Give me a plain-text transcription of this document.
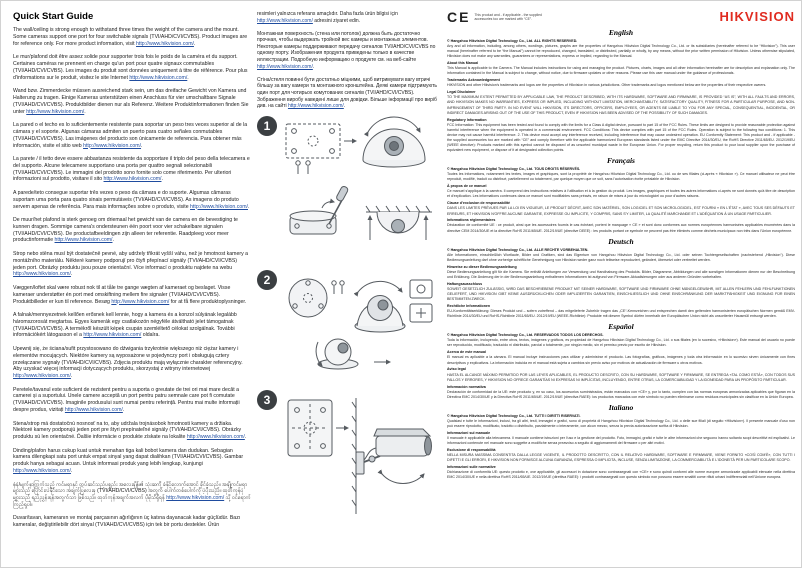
Quick Start Guide

The wall/ceiling is strong enough to withstand three times the weight of the camera and the mount. Some cameras support one port for four switchable signals (TVI/AHD/CVI/CVBS). Product images are for reference only. For more product information, visit http://www.hikvision.com/.

Le mur/plafond doit être assez solide pour supporter trois fois le poids de la caméra et du support. Certaines caméras ne prennent en charge qu'un port pour quatre signaux commutables (TVI/AHD/CVI/CVBS). Les images du produit sont données uniquement à titre de référence. Pour plus d'informations sur le produit, visitez le site Internet http://www.hikvision.com/.

Wand bzw. Zimmerdecke müssen ausreichend stark sein, um das dreifache Gewicht von Kamera und Halterung zu tragen. Einige Kameras unterstützen einen Anschluss für vier umschaltbare Signale (TVI/AHD/CVI/CVBS). Produktbilder dienen nur als Referenz. Weitere Produktinformationen finden Sie unter http://www.hikvision.com/.

La pared o el techo es lo suficientemente resistente para soportar un peso tres veces superior al de la cámara y el soporte. Algunas cámaras admiten un puerto para cuatro señales conmutables (TVI/AHD/CVI/CVBS). Las imágenes del producto son únicamente de referencia. Para obtener más información, visite el sitio web http://www.hikvision.com/.

La parete / il tetto deve essere abbastanza resistente da sopportare il triplo del peso della telecamera e del supporto. Alcune telecamere supportano una porta per quattro segnali selezionabili (TVI/AHD/CVI/CVBS). Le immagini del prodotto sono fornite solo come riferimento. Per ulteriori informazioni sul prodotto, visitare il sito http://www.hikvision.com/.

A parede/teto consegue suportar três vezes o peso da câmara e do suporte. Algumas câmaras suportam uma porta para quatro sinais permutáveis (TVI/AHD/CVI/CVBS). As imagens do produto servem apenas de referência. Para mais informações sobre o produto, visite http://www.hikvision.com/.

De muur/het plafond is sterk genoeg om driemaal het gewicht van de camera en de bevestiging te kunnen dragen. Sommige camera's ondersteunen één poort voor vier schakelbare signalen (TVI/AHD/CVI/CVBS). De productafbeeldingen zijn alleen ter referentie. Raadpleeg voor meer productinformatie http://www.hikvision.com/.

Strop nebo stěna musí být dostatečně pevné, aby udržely třikrát vyšší váhu, než je hmotnost kamery a montážního materiálu. Některé kamery podporují pro čtyři přepínací signály (TVI/AHD/CVI/CVBS) jeden port. Obrázky produktu jsou pouze orientační. Více informací o produktu najdete na webu http://www.hikvision.com/.

Væggen/loftet skal være robust nok til at tåle tre gange vægten af kameraet og beslaget. Visse kameraer understøtter én port med omskiftning mellem fire signaler (TVI/AHD/CVI/CVBS). Produktbilleder er kun til reference. Besøg http://www.hikvision.com/ for at få flere produktoplysninger.

A falnak/mennyezetnek kellően erősnek kell lennie, hogy a kamera és a konzol súlyának legalább háromszorosát megtartsa. Egyes kamerák egy csatlakozón négyféle átváltható jelet támogatnak (TVI/AHD/CVI/CVBS). A termékről készült képek csupán szemléltető célokat szolgálnak. További információkért látogasson el a http://www.hikvision.com/ oldalra.

Upewnij się, że ściana/sufit przystosowano do dźwigania trzykrotnie większego niż ciężar kamery i elementów mocujących. Niektóre kamery są wyposażone w pojedynczy port i obsługują cztery przełączane sygnały (TVI/AHD/CVI/CVBS). Zdjęcia produktu mają wyłącznie charakter referencyjny. Aby uzyskać więcej informacji dotyczących produktu, skorzystaj z witryny internetowej http://www.hikvision.com/.

Peretele/tavanul este suficient de rezistent pentru a suporta o greutate de trei ori mai mare decât a camerei și a suportului. Unele camere acceptă un port pentru patru semnale care pot fi comutate (TVI/AHD/CVI/CVBS). Imaginile produsului sunt numai pentru referință. Pentru mai multe informații despre produs, vizitați http://www.hikvision.com/.

Stena/strop má dostatočnú nosnosť na to, aby udržala trojnásobok hmotnosti kamery a držiaka. Niektoré kamery podporujú jeden port pre štyri prepínateľné signály (TVI/AHD/CVI/CVBS). Obrázky produktu sú len orientačné. Ďalšie informácie o produkte získate na lokalite http://www.hikvision.com/.

Dinding/plafon harus cukup kuat untuk menahan tiga kali bobot kamera dan dudukan. Sebagian kamera dilengkapi satu port untuk empat sinyal yang dapat dialihkan (TVI/AHD/CVI/CVBS). Gambar produk hanya sebagai acuan. Untuk informasi produk yang lebih lengkap, kunjungi http://www.hikvision.com/.

နံရံ/မျက်နှာကြက်သည် ကင်မရာနှင့် တပ်ဆင်သည့်ပစ္စည်း အလေးချိန်၏ သုံးဆကို ခံနိုင်လောက်အောင် ခိုင်ခံ့သည်။ အချို့ကင်မရာများသည် ပြောင်းလဲနိုင်သော အချက်ပြလေးခု (TVI/AHD/CVI/CVBS) အတွက် ပေါက်တစ်ပေါက်ကို ပံ့ပိုးသည်။ ထုတ်ကုန်ပုံများသည် ရည်ညွှန်းရန်အတွက်သာ ဖြစ်သည်။ ထုတ်ကုန်အချက်အလက် ပိုမိုသိရှိရန် http://www.hikvision.com/ သို့ ဝင်ရောက်ကြည့်ရှုပါ။

Duvar/tavan, kameranın ve montaj parçasının ağırlığının üç katına dayanacak kadar güçlüdür. Bazı kameralar, değiştirilebilir dört sinyal (TVI/AHD/CVI/CVBS) için tek bir portu destekler. Ürün

resimleri yalnızca referans amaçlıdır. Daha fazla ürün bilgisi için http://www.hikvision.com/ adresini ziyaret edin.

Монтажная поверхность (стена или потолок) должна быть достаточно прочная, чтобы выдержать тройной вес камеры и монтажных элементов. Некоторые камеры поддерживают передачу сигналов TVI/AHD/CVI/CVBS по одному порту. Изображения продукта приведены только в качестве иллюстрации. Подробную информацию о продукте см. на веб-сайте http://www.hikvision.com/.

Стіна/стеля повинні бути достатньо міцними, щоб витримувати вагу втричі більшу за вагу камери та монтажного кронштейна. Деякі камери підтримують один порт для чотирьох комутованих сигналів (TVI/AHD/CVI/CVBS). Зображення виробу наведені лише для довідки. Більше інформації про виріб див. на сайті http://www.hikvision.com/.

1
2
3
CE This product and - if applicable - the supplied accessories too are marked with “CE”.	HIKVISION
English

© Hangzhou Hikvision Digital Technology Co., Ltd. ALL RIGHTS RESERVED.
Any and all information, including, among others, wordings, pictures, graphs are the properties of Hangzhou Hikvision Digital Technology Co., Ltd. or its subsidiaries (hereinafter referred to be “Hikvision”). This user manual (hereinafter referred to be “the Manual”) cannot be reproduced, changed, translated, or distributed, partially or wholly, by any means, without the prior written permission of Hikvision. Unless otherwise stipulated, Hikvision does not make any warranties, guarantees or representations, express or implied, regarding to the Manual.

About this Manual
This Manual is applicable to the Camera. The Manual includes instructions for using and managing the product. Pictures, charts, images and all other information hereinafter are for description and explanation only. The information contained in the Manual is subject to change, without notice, due to firmware updates or other reasons. Please use this user manual under the guidance of professionals.

Trademarks Acknowledgement
HIKVISION and other Hikvision's trademarks and logos are the properties of Hikvision in various jurisdictions. Other trademarks and logos mentioned below are the properties of their respective owners.

Legal Disclaimer
TO THE MAXIMUM EXTENT PERMITTED BY APPLICABLE LAW, THE PRODUCT DESCRIBED, WITH ITS HARDWARE, SOFTWARE AND FIRMWARE, IS PROVIDED “AS IS”, WITH ALL FAULTS AND ERRORS, AND HIKVISION MAKES NO WARRANTIES, EXPRESS OR IMPLIED, INCLUDING WITHOUT LIMITATION, MERCHANTABILITY, SATISFACTORY QUALITY, FITNESS FOR A PARTICULAR PURPOSE, AND NON-INFRINGEMENT OF THIRD PARTY. IN NO EVENT WILL HIKVISION, ITS DIRECTORS, OFFICERS, EMPLOYEES, OR AGENTS BE LIABLE TO YOU FOR ANY SPECIAL, CONSEQUENTIAL, INCIDENTAL, OR INDIRECT DAMAGES ARISING OUT OF THE USE OF THIS PRODUCT, EVEN IF HIKVISION HAS BEEN ADVISED OF THE POSSIBILITY OF SUCH DAMAGES.

Regulatory Information
FCC Information: This equipment has been tested and found to comply with the limits for a Class A digital device, pursuant to part 15 of the FCC Rules. These limits are designed to provide reasonable protection against harmful interference when the equipment is operated in a commercial environment. FCC Conditions: This device complies with part 15 of the FCC Rules. Operation is subject to the following two conditions: 1. This device may not cause harmful interference. 2. This device must accept any interference received, including interference that may cause undesired operation. EU Conformity Statement: This product and - if applicable - the supplied accessories too are marked with “CE” and comply therefore with the applicable harmonized European standards listed under the EMC Directive 2014/30/EU, the RoHS Directive 2011/65/EU. 2012/19/EU (WEEE directive): Products marked with this symbol cannot be disposed of as unsorted municipal waste in the European Union. For proper recycling, return this product to your local supplier upon the purchase of equivalent new equipment, or dispose of it at designated collection points.

Français

© Hangzhou Hikvision Digital Technology Co., Ltd. TOUS DROITS RÉSERVÉS.
Toutes les informations, notamment les textes, images et graphiques, sont la propriété de Hangzhou Hikvision Digital Technology Co., Ltd. ou de ses filiales (ci-après « Hikvision »). Ce manuel utilisateur ne peut être reproduit, modifié, traduit ou distribué, partiellement ou totalement, par quelque moyen que ce soit, sans l'autorisation écrite préalable de Hikvision.

À propos de ce manuel
Ce manuel s'applique à la caméra. Il comprend des instructions relatives à l'utilisation et à la gestion du produit. Les images, graphiques et toutes les autres informations ci-après ne sont donnés qu'à titre de description et d'explication. Les informations contenues dans ce manuel sont modifiables sans préavis, en raison de mises à jour du micrologiciel ou pour d'autres raisons.

Clause d'exclusion de responsabilité
DANS LES LIMITES PRÉVUES PAR LA LOI EN VIGUEUR, LE PRODUIT DÉCRIT, AVEC SON MATÉRIEL, SON LOGICIEL ET SON MICROLOGICIEL, EST FOURNI « EN L'ÉTAT », AVEC TOUS SES DÉFAUTS ET ERREURS, ET HIKVISION N'OFFRE AUCUNE GARANTIE, EXPRESSE OU IMPLICITE, Y COMPRIS, SANS S'Y LIMITER, LA QUALITÉ MARCHANDE ET L'ADÉQUATION À UN USAGE PARTICULIER.

Informations réglementaires
Déclaration de conformité UE : ce produit, ainsi que les accessoires fournis le cas échéant, portent le marquage « CE » et sont donc conformes aux normes européennes harmonisées applicables énumérées dans la directive CEM 2014/30/UE et la directive RoHS 2011/65/UE. 2012/19/UE (directive DEEE) : les produits portant ce symbole ne peuvent pas être éliminés comme déchets municipaux non triés dans l'Union européenne.

Deutsch

© Hangzhou Hikvision Digital Technology Co., Ltd. ALLE RECHTE VORBEHALTEN.
Alle Informationen, einschließlich Wortlaute, Bilder und Grafiken, sind das Eigentum von Hangzhou Hikvision Digital Technology Co., Ltd. oder seinen Tochtergesellschaften (nachstehend „Hikvision“). Diese Bedienungsanleitung darf ohne vorherige schriftliche Genehmigung von Hikvision weder ganz noch teilweise reproduziert, geändert, übersetzt oder verbreitet werden.

Hinweise zu dieser Bedienungsanleitung
Diese Bedienungsanleitung gilt für die Kamera. Sie enthält Anleitungen zur Verwendung und Handhabung des Produkts. Bilder, Diagramme, Abbildungen und alle sonstigen Informationen dienen nur der Beschreibung und Erklärung. Die Änderung der in der Bedienungsanleitung enthaltenen Informationen ist aufgrund von Firmware-Aktualisierungen oder aus anderen Gründen vorbehalten.

Haftungsausschluss
SOWEIT GESETZLICH ZULÄSSIG, WIRD DAS BESCHRIEBENE PRODUKT MIT SEINER HARDWARE, SOFTWARE UND FIRMWARE OHNE MÄNGELGEWÄHR, MIT ALLEN FEHLERN UND FEHLFUNKTIONEN GELIEFERT, UND HIKVISION GIBT KEINE AUSDRÜCKLICHEN ODER IMPLIZIERTEN GARANTIEN, EINSCHLIESSLICH UND OHNE EINSCHRÄNKUNG DER MARKTFÄHIGKEIT UND EIGNUNG FÜR EINEN BESTIMMTEN ZWECK.

Rechtliche Informationen
EU-Konformitätserklärung: Dieses Produkt und – sofern zutreffend – das mitgelieferte Zubehör tragen das „CE“-Kennzeichen und entsprechen damit den geltenden harmonisierten europäischen Normen gemäß EMV-Richtlinie 2014/30/EU und RoHS-Richtlinie 2011/65/EU. 2012/19/EU (WEEE-Richtlinie): Produkte mit diesem Symbol dürfen innerhalb der Europäischen Union nicht als unsortierter Hausmüll entsorgt werden.

Español

© Hangzhou Hikvision Digital Technology Co., Ltd. RESERVADOS TODOS LOS DERECHOS.
Toda la información, incluyendo, entre otros, textos, imágenes y gráficos, es propiedad de Hangzhou Hikvision Digital Technology Co., Ltd. o sus filiales (en lo sucesivo, «Hikvision»). Este manual del usuario no puede ser reproducido, modificado, traducido ni distribuido, parcial o totalmente, por ningún medio, sin el permiso previo por escrito de Hikvision.

Acerca de este manual
El manual es aplicable a la cámara. El manual incluye instrucciones para utilizar y administrar el producto. Las fotografías, gráficos, imágenes y toda otra información en lo sucesivo sirven únicamente con fines descriptivos y explicativos. La información incluida en el manual está sujeta a cambios sin previo aviso por motivos de actualización de firmware u otros motivos.

Aviso legal
HASTA EL ALCANCE MÁXIMO PERMITIDO POR LAS LEYES APLICABLES, EL PRODUCTO DESCRITO, CON SU HARDWARE, SOFTWARE Y FIRMWARE, SE ENTREGA «TAL COMO ESTÁ», CON TODOS SUS FALLOS Y ERRORES, Y HIKVISION NO OFRECE GARANTÍAS NI EXPRESAS NI IMPLÍCITAS, INCLUYENDO, ENTRE OTRAS, LA COMERCIABILIDAD Y LA IDONEIDAD PARA UN PROPÓSITO PARTICULAR.

Información normativa
Declaración de conformidad de la UE: este producto y, en su caso, los accesorios suministrados, están marcados con «CE» y, por lo tanto, cumplen con las normas europeas armonizadas aplicables que figuran en la Directiva EMC 2014/30/UE y la Directiva RoHS 2011/65/UE. 2012/19/UE (directiva RAEE): los productos marcados con este símbolo no pueden eliminarse como residuos municipales sin clasificar en la Unión Europea.

Italiano

© Hangzhou Hikvision Digital Technology Co., Ltd. TUTTI I DIRITTI RISERVATI.
Qualsiasi e tutte le informazioni, inclusi, tra gli altri, testi, immagini e grafici, sono di proprietà di Hangzhou Hikvision Digital Technology Co., Ltd. o delle sue filiali (di seguito «Hikvision»). Il presente manuale d'uso non può essere riprodotto, modificato, tradotto o distribuito, parzialmente o interamente, con alcun mezzo, senza la previa autorizzazione scritta di Hikvision.

Informazioni sul manuale
Il manuale è applicabile alla telecamera. Il manuale contiene istruzioni per l'uso e la gestione del prodotto. Foto, immagini, grafici e tutte le altre informazioni che seguono hanno soltanto scopi descrittivi ed esplicativi. Le informazioni contenute nel manuale sono soggette a modifiche senza preavviso a seguito di aggiornamenti del firmware o per altri motivi.

Esclusione di responsabilità
NELLA MISURA MASSIMA CONSENTITA DALLA LEGGE VIGENTE, IL PRODOTTO DESCRITTO, CON IL RELATIVO HARDWARE, SOFTWARE E FIRMWARE, VIENE FORNITO «COSÌ COM'È», CON TUTTI I DIFETTI E GLI ERRORI, E HIKVISION NON FORNISCE ALCUNA GARANZIA, ESPRESSA O IMPLICITA, INCLUSE, SENZA LIMITAZIONE, LA COMMERCIABILITÀ E L'IDONEITÀ PER UN PARTICOLARE SCOPO.

Informazioni sulle normative
Dichiarazione di conformità UE: questo prodotto e, ove applicabile, gli accessori in dotazione sono contrassegnati con «CE» e sono quindi conformi alle norme europee armonizzate applicabili elencate nella direttiva EMC 2014/30/UE e nella direttiva RoHS 2011/65/UE. 2012/19/UE (direttiva RAEE): i prodotti contrassegnati con questo simbolo non possono essere smaltiti come rifiuti urbani indifferenziati nell'Unione europea.
